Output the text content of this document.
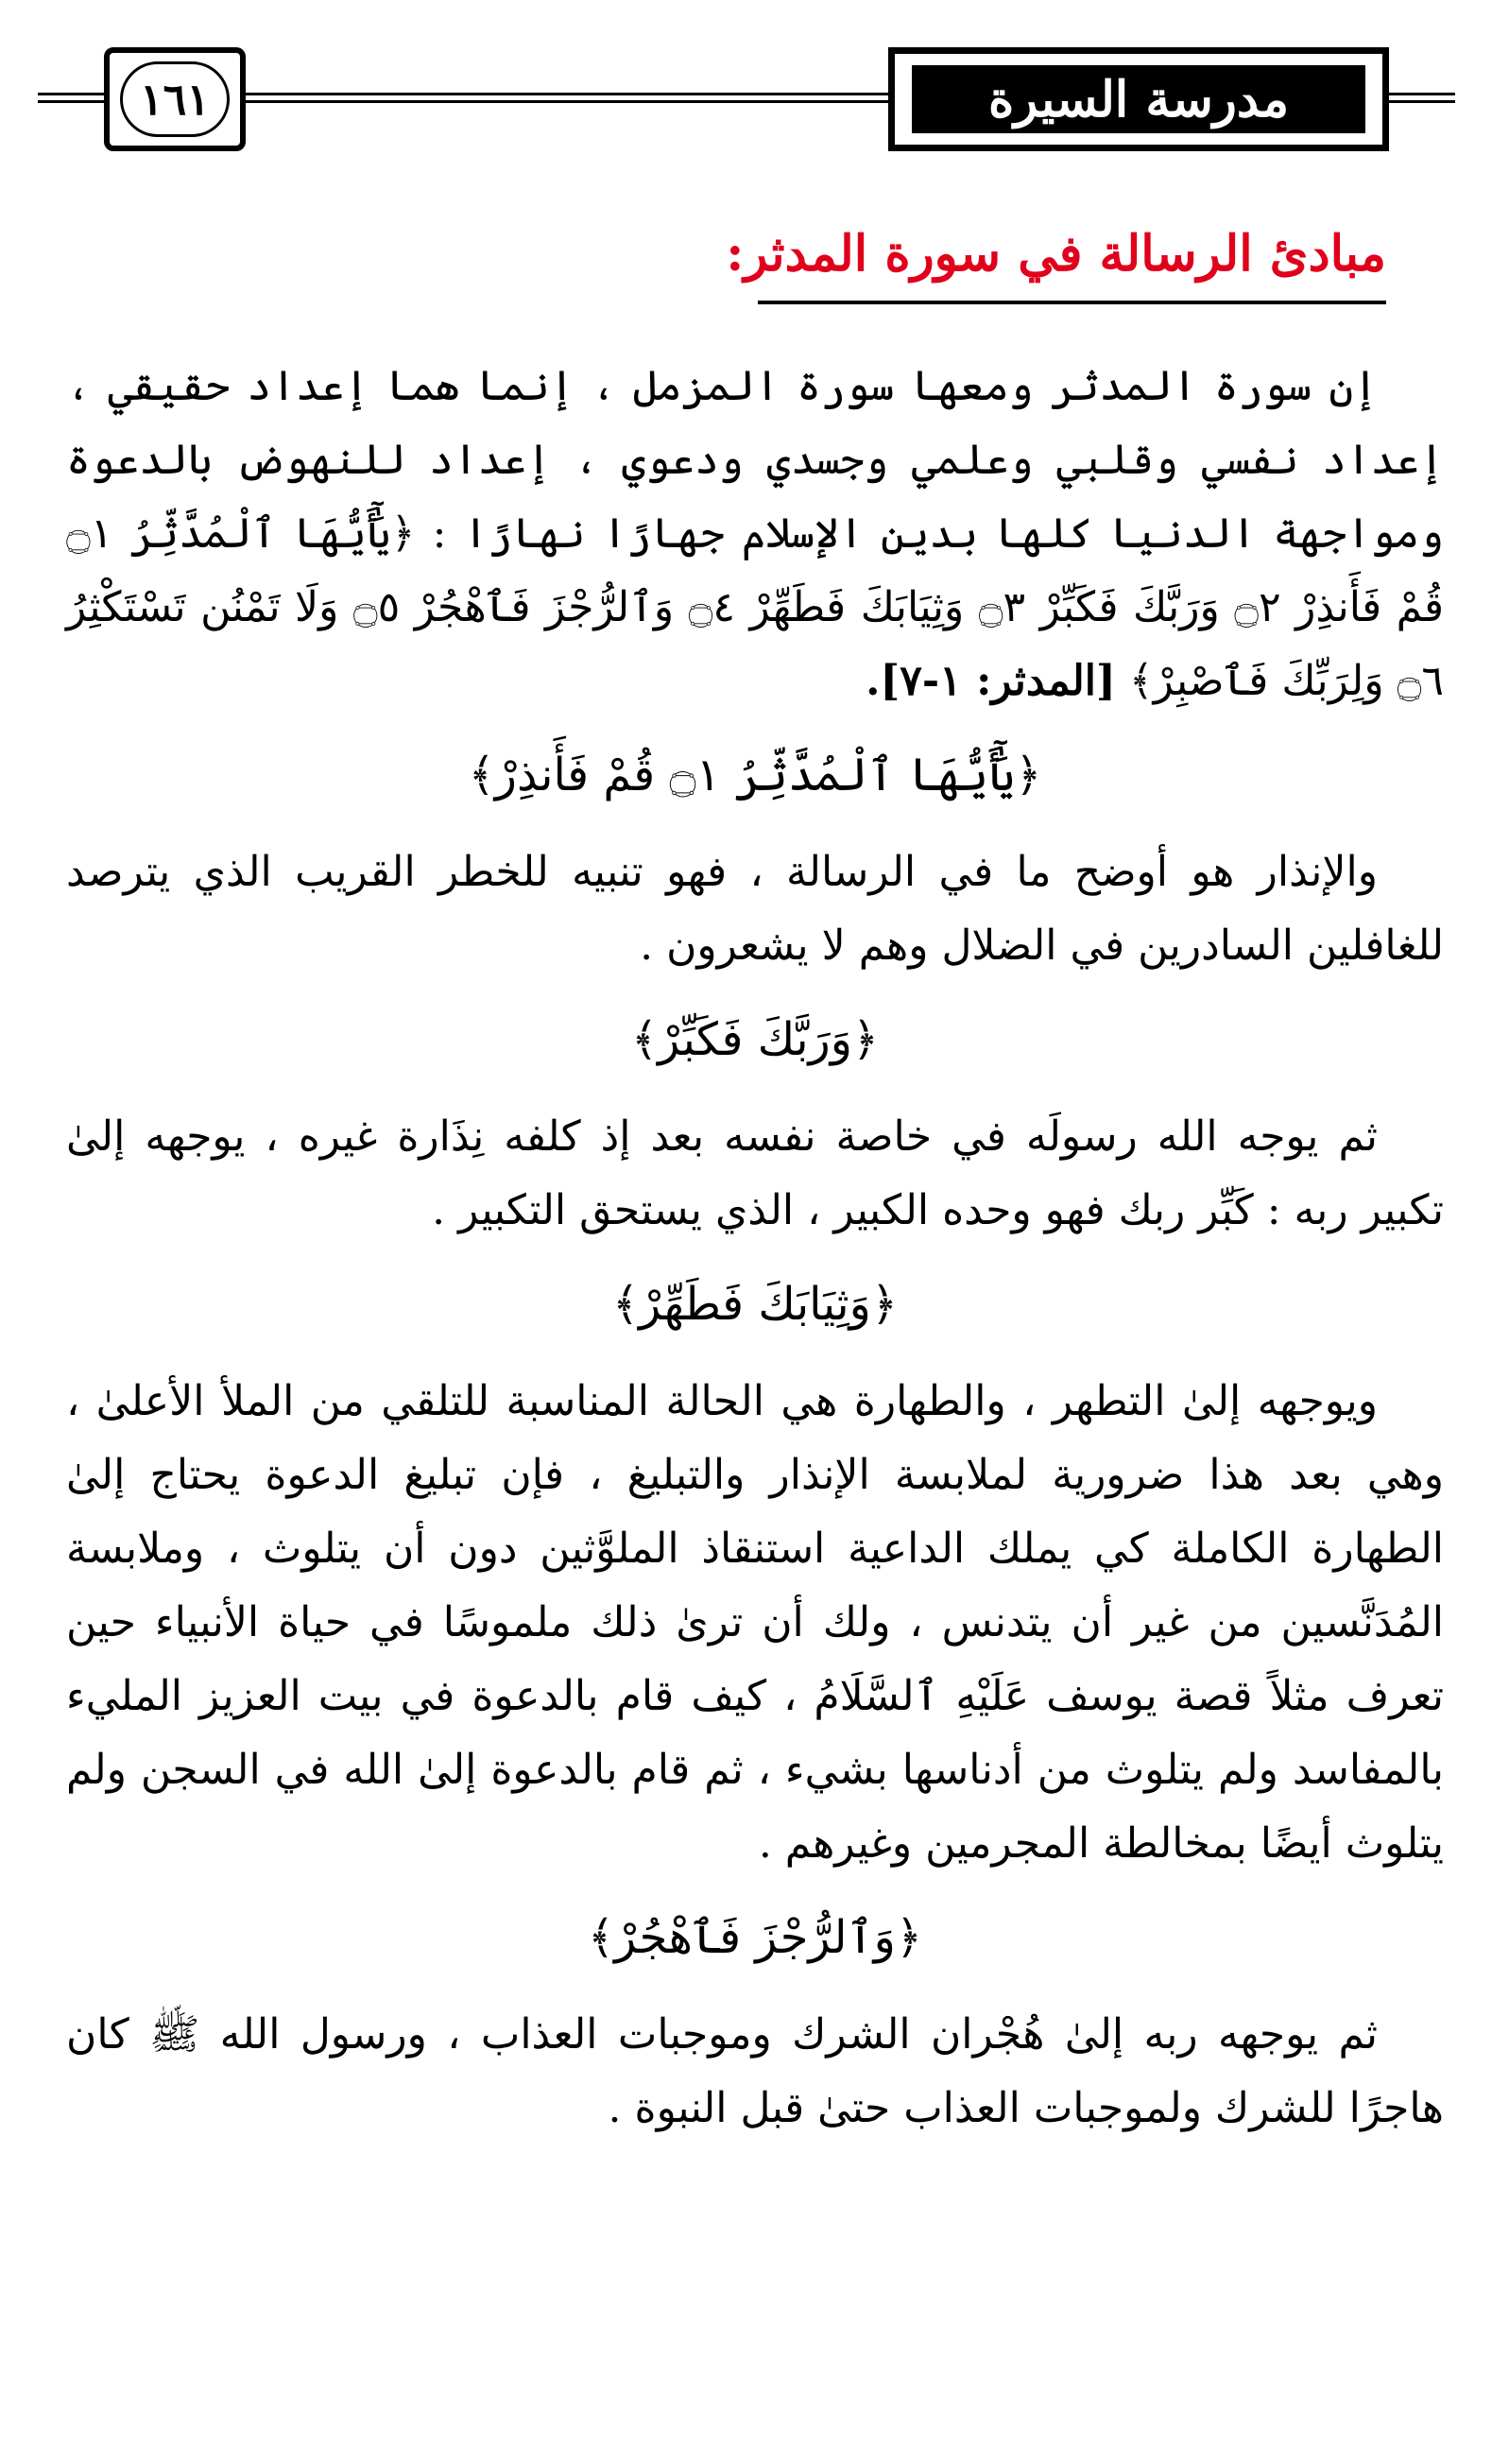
١٦١	مدرسة السيرة
مبادئ الرسالة في سورة المدثر:

إن سورة المدثر ومعها سورة المزمل ، إنما هما إعداد حقيقي ، إعداد نفسي وقلبي وعلمي وجسدي ودعوي ، إعداد للنهوض بالدعوة ومواجهة الدنيا كلها بدين الإسلام جهارًا نهارًا : ﴿يَٰٓأَيُّهَا ٱلْمُدَّثِّرُ ۝١ قُمْ فَأَنذِرْ ۝٢ وَرَبَّكَ فَكَبِّرْ ۝٣ وَثِيَابَكَ فَطَهِّرْ ۝٤ وَٱلرُّجْزَ فَٱهْجُرْ ۝٥ وَلَا تَمْنُن تَسْتَكْثِرُ ۝٦ وَلِرَبِّكَ فَٱصْبِرْ﴾ [المدثر: ١-٧].

﴿يَٰٓأَيُّهَا ٱلْمُدَّثِّرُ ۝١ قُمْ فَأَنذِرْ﴾

والإنذار هو أوضح ما في الرسالة ، فهو تنبيه للخطر القريب الذي يترصد للغافلين السادرين في الضلال وهم لا يشعرون .

﴿وَرَبَّكَ فَكَبِّرْ﴾

ثم يوجه الله رسولَه في خاصة نفسه بعد إذ كلفه نِذَارة غيره ، يوجهه إلىٰ تكبير ربه : كَبِّر ربك فهو وحده الكبير ، الذي يستحق التكبير .

﴿وَثِيَابَكَ فَطَهِّرْ﴾

ويوجهه إلىٰ التطهر ، والطهارة هي الحالة المناسبة للتلقي من الملأ الأعلىٰ ، وهي بعد هذا ضرورية لملابسة الإنذار والتبليغ ، فإن تبليغ الدعوة يحتاج إلىٰ الطهارة الكاملة كي يملك الداعية استنقاذ الملوَّثين دون أن يتلوث ، وملابسة المُدَنَّسين من غير أن يتدنس ، ولك أن ترىٰ ذلك ملموسًا في حياة الأنبياء حين تعرف مثلاً قصة يوسف عَلَيْهِ ٱلسَّلَامُ ، كيف قام بالدعوة في بيت العزيز المليء بالمفاسد ولم يتلوث من أدناسها بشيء ، ثم قام بالدعوة إلىٰ الله في السجن ولم يتلوث أيضًا بمخالطة المجرمين وغيرهم .

﴿وَٱلرُّجْزَ فَٱهْجُرْ﴾

ثم يوجهه ربه إلىٰ هُجْران الشرك وموجبات العذاب ، ورسول الله ﷺ كان هاجرًا للشرك ولموجبات العذاب حتىٰ قبل النبوة .
